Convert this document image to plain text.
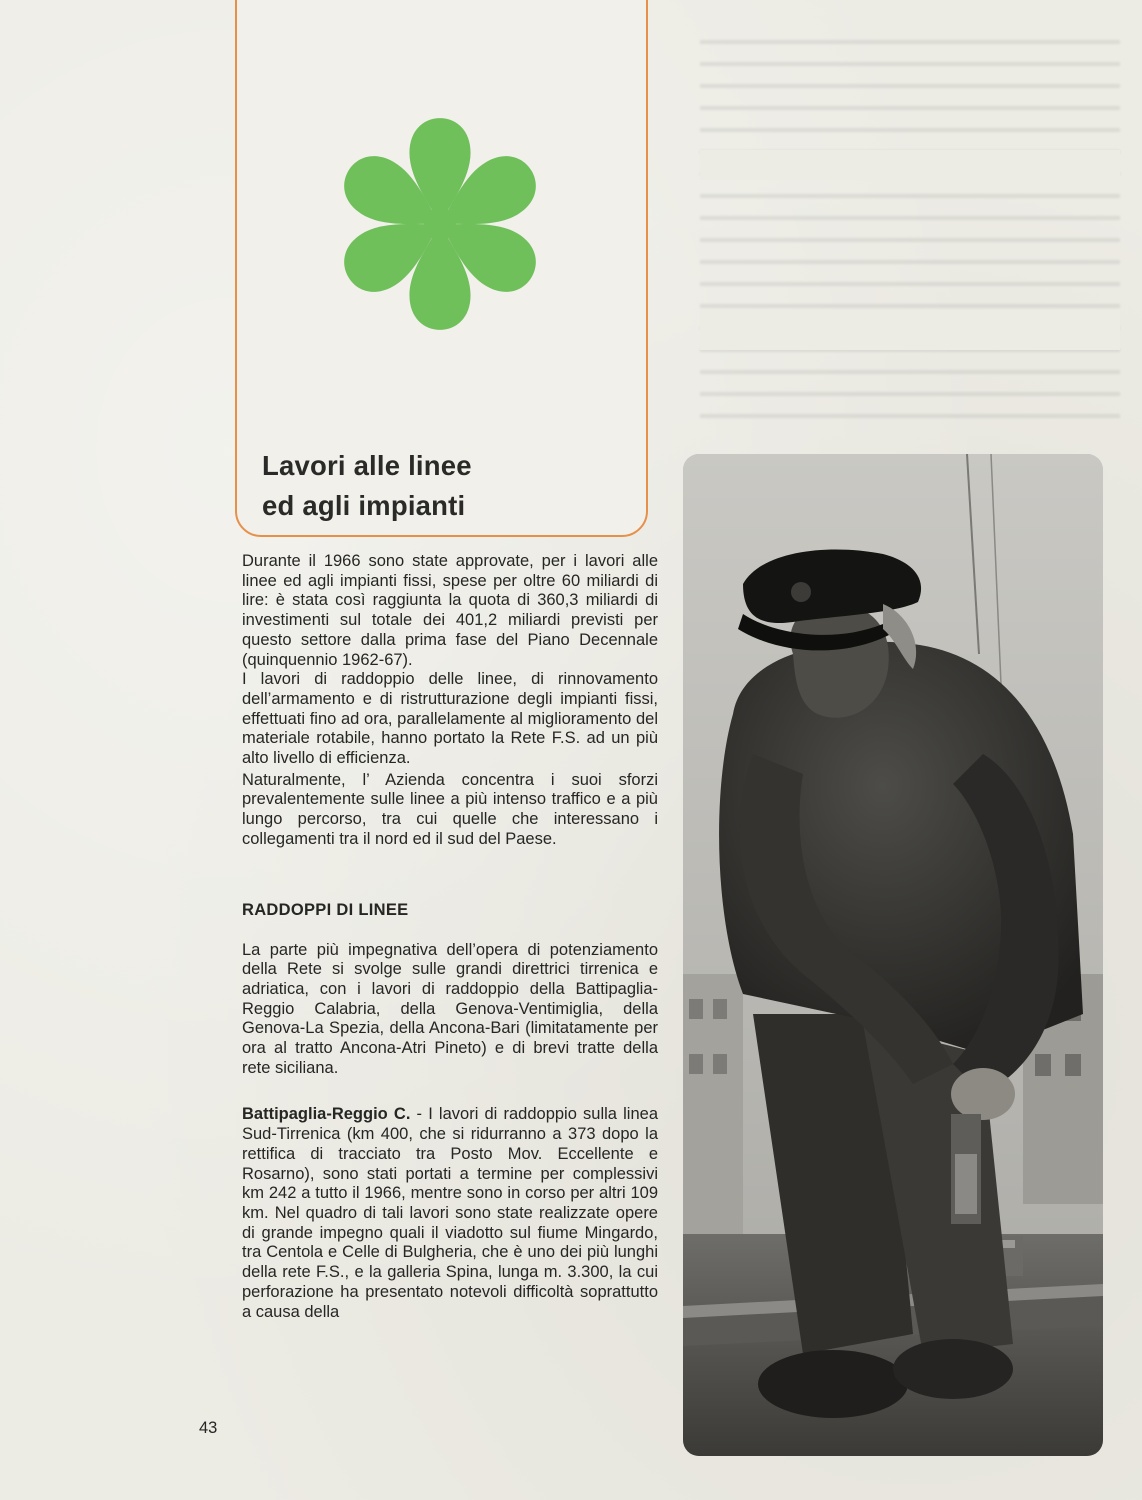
Lavori alle linee
ed agli impianti

Durante il 1966 sono state approvate, per i lavori alle linee ed agli impianti fissi, spese per oltre 60 miliardi di lire: è stata così raggiunta la quota di 360,3 miliardi di investimenti sul totale dei 401,2 miliardi previsti per questo settore dalla prima fase del Piano Decennale (quinquennio 1962-67).

I lavori di raddoppio delle linee, di rinnovamento dell’armamento e di ristrutturazione degli impianti fissi, effettuati fino ad ora, parallelamente al miglioramento del materiale rotabile, hanno portato la Rete F.S. ad un più alto livello di efficienza.

Naturalmente, l’ Azienda concentra i suoi sforzi prevalentemente sulle linee a più intenso traffico e a più lungo percorso, tra cui quelle che interessano i collegamenti tra il nord ed il sud del Paese.

RADDOPPI DI LINEE

La parte più impegnativa dell’opera di potenziamento della Rete si svolge sulle grandi direttrici tirrenica e adriatica, con i lavori di raddoppio della Battipaglia-Reggio Calabria, della Genova-Ventimiglia, della Genova-La Spezia, della Ancona-Bari (limitatamente per ora al tratto Ancona-Atri Pineto) e di brevi tratte della rete siciliana.

Battipaglia-Reggio C. - I lavori di raddoppio sulla linea Sud-Tirrenica (km 400, che si ridurranno a 373 dopo la rettifica di tracciato tra Posto Mov. Eccellente e Rosarno), sono stati portati a termine per complessivi km 242 a tutto il 1966, mentre sono in corso per altri 109 km. Nel quadro di tali lavori sono state realizzate opere di grande impegno quali il viadotto sul fiume Mingardo, tra Centola e Celle di Bulgheria, che è uno dei più lunghi della rete F.S., e la galleria Spina, lunga m. 3.300, la cui perforazione ha presentato notevoli difficoltà soprattutto a causa della

43
